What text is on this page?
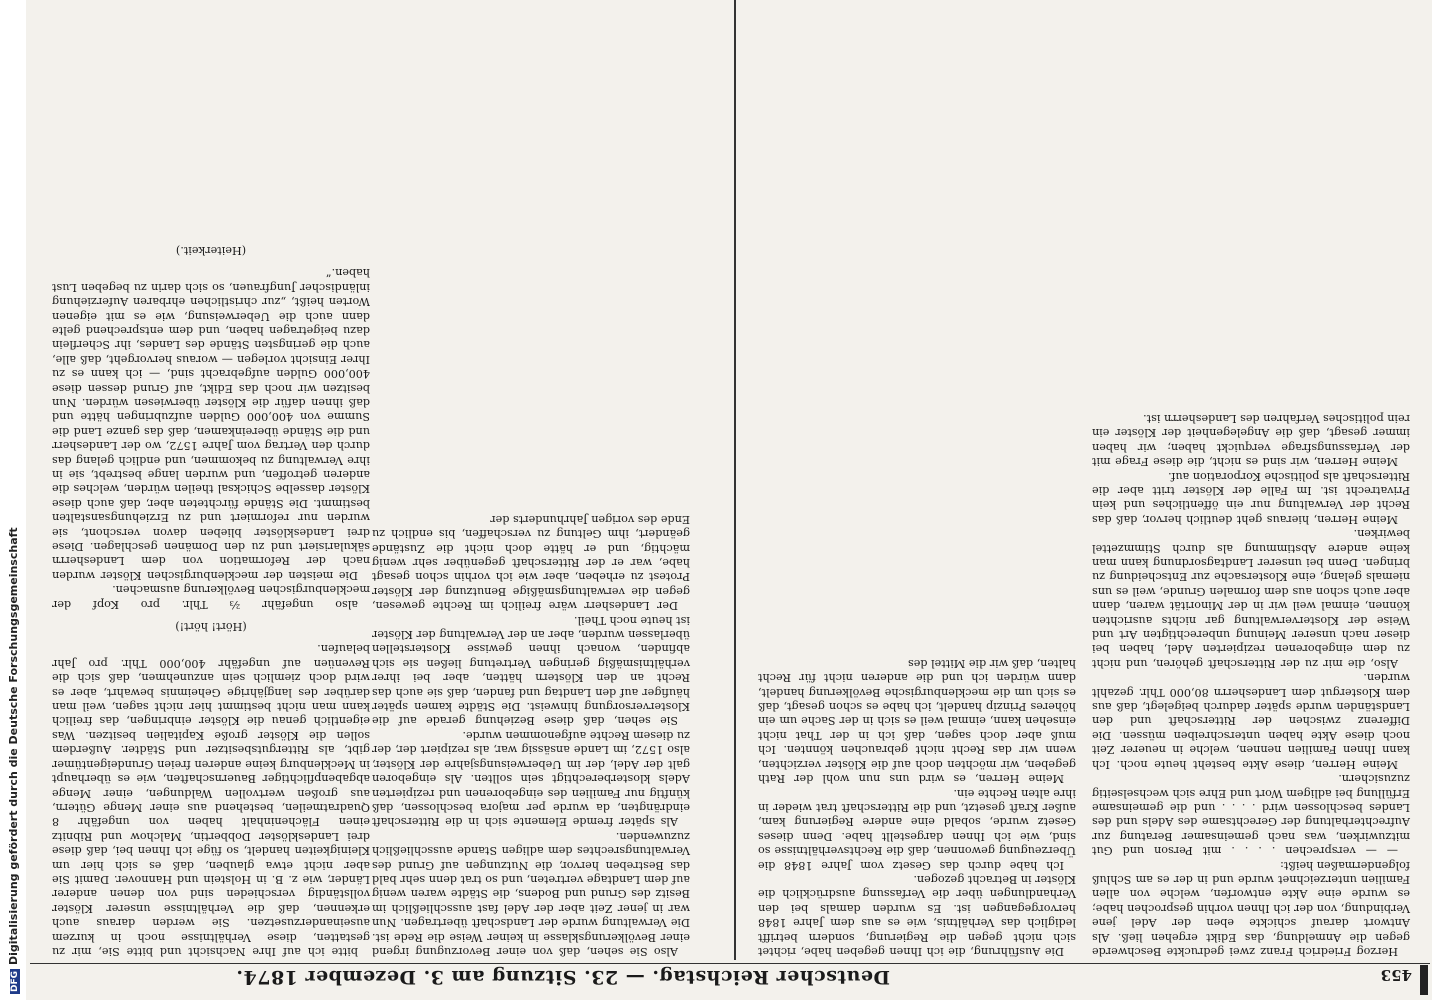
DFGDigitalisierung gefördert durch die Deutsche Forschungsgemeinschaft
453
Deutscher Reichstag. — 23. Sitzung am 3. Dezember 1874.

Herzog Friedrich Franz zwei gedruckte Beschwerde gegen die Anmeldung, das Edikt ergehen ließ. Als Antwort darauf schickte eben der Adel jene Verbindung, von der ich Ihnen vorhin gesprochen habe; es wurde eine Akte entworfen, welche von allen Familien unterzeichnet wurde und in der es am Schluß folgendermaßen heißt:

— — versprechen . . . . mit Person und Gut mitzuwirken, was nach gemeinsamer Beratung zur Aufrechterhaltung der Gerechtsame des Adels und des Landes beschlossen wird . . . . und die gemeinsame Erfüllung bei adligem Wort und Ehre sich wechselseitig zuzusichern.

Meine Herren, diese Akte besteht heute noch. Ich kann Ihnen Familien nennen, welche in neuerer Zeit noch diese Akte haben unterschreiben müssen. Die Differenz zwischen der Ritterschaft und den Landständen wurde später dadurch beigelegt, daß aus dem Klostergut dem Landesherrn 80,000 Thlr. gezahlt wurden.

Also, die mir zu der Ritterschaft gehören, und nicht zu dem eingeborenen rezipierten Adel, haben bei dieser nach unserer Meinung unberechtigten Art und Weise der Klosterverwaltung gar nichts ausrichten können, einmal weil wir in der Minorität waren, dann aber auch schon aus dem formalen Grunde, weil es uns niemals gelang, eine Klostersache zur Entscheidung zu bringen. Denn bei unserer Landtagsordnung kann man keine andere Abstimmung als durch Stimmzettel bewirken.

Meine Herren, hieraus geht deutlich hervor, daß das Recht der Verwaltung nur ein öffentliches und kein Privatrecht ist. Im Falle der Klöster tritt aber die Ritterschaft als politische Korporation auf.

Meine Herren, wir sind es nicht, die diese Frage mit der Verfassungsfrage verquickt haben; wir haben immer gesagt, daß die Angelegenheit der Klöster ein rein politisches Verfahren des Landesherrn ist.

Die Ausführung, die ich Ihnen gegeben habe, richtet sich nicht gegen die Regierung, sondern betrifft lediglich das Verhältnis, wie es aus dem Jahre 1848 hervorgegangen ist. Es wurden damals bei den Verhandlungen über die Verfassung ausdrücklich die Klöster in Betracht gezogen.

Ich habe durch das Gesetz vom Jahre 1848 die Überzeugung gewonnen, daß die Rechtsverhältnisse so sind, wie ich Ihnen dargestellt habe. Denn dieses Gesetz wurde, sobald eine andere Regierung kam, außer Kraft gesetzt, und die Ritterschaft trat wieder in ihre alten Rechte ein.

Meine Herren, es wird uns nun wohl der Rath gegeben, wir möchten doch auf die Klöster verzichten, wenn wir das Recht nicht gebrauchen könnten. Ich muß aber doch sagen, daß ich in der That nicht einsehen kann, einmal weil es sich in der Sache um ein höheres Prinzip handelt, ich habe es schon gesagt, daß es sich um die mecklenburgische Bevölkerung handelt, dann würden ich und die anderen nicht für Recht halten, daß wir die Mittel des

Also Sie sehen, daß von einer Bevorzugung irgend einer Bevölkerungsklasse in keiner Weise die Rede ist. Die Verwaltung wurde der Landschaft übertragen. Nun war in jener Zeit aber der Adel fast ausschließlich im Besitz des Grund und Bodens, die Städte waren wenig auf dem Landtage vertreten, und so trat denn sehr bald das Bestreben hervor, die Nutzungen auf Grund des Verwaltungsrechtes dem adligen Stande ausschließlich zuzuwenden.

Als später fremde Elemente sich in die Ritterschaft eindrängten, da wurde per majora beschlossen, daß künftig nur Familien des eingeborenen und rezipierten Adels klosterberechtigt sein sollten. Als eingeboren galt der Adel, der im Ueberweisungsjahre der Klöster, also 1572, im Lande ansässig war, als rezipiert der, der zu diesem Rechte aufgenommen wurde.

Sie sehen, daß diese Beziehung gerade auf die Klosterversorgung hinweist. Die Städte kamen später häufiger auf den Landtag und fanden, daß sie auch das Recht an den Klöstern hätten, aber bei ihrer verhältnismäßig geringen Vertretung ließen sie sich abfinden, wonach ihnen gewisse Klosterstellen überlassen wurden, aber an der Verwaltung der Klöster ist heute noch Theil.

Der Landesherr wäre freilich im Rechte gewesen, gegen die verwaltungsmäßige Benutzung der Klöster Protest zu erheben, aber wie ich vorhin schon gesagt habe, war er der Ritterschaft gegenüber sehr wenig mächtig, und er hätte doch nicht die Zustände geändert, ihm Geltung zu verschaffen, bis endlich zu Ende des vorigen Jahrhunderts der

bitte ich auf Ihre Nachsicht und bitte Sie, mir zu gestatten, diese Verhältnisse noch in kurzem auseinanderzusetzen. Sie werden daraus auch erkennen, daß die Verhältnisse unserer Klöster vollständig verschieden sind von denen anderer Länder, wie z. B. in Holstein und Hannover. Damit Sie aber nicht etwa glauben, daß es sich hier um Kleinigkeiten handelt, so füge ich Ihnen bei, daß diese drei Landesklöster Dobbertin, Malchow und Ribnitz einen Flächeninhalt haben von ungefähr 8 Quadratmeilen, bestehend aus einer Menge Gütern, aus großen wertvollen Waldungen, einer Menge abgabenpflichtiger Bauernschaften, wie es überhaupt in Mecklenburg keine anderen freien Grundeigentümer gibt, als Rittergutsbesitzer und Städter. Außerdem sollen die Klöster große Kapitalien besitzen. Was eigentlich genau die Klöster einbringen, das freilich kann man nicht bestimmt hier nicht sagen, weil man darüber des langjährige Geheimnis bewahrt, aber es wird doch ziemlich sein anzunehmen, daß sich die Revenüen auf ungefähr 400,000 Thlr. pro Jahr belaufen.

(Hört! hört!)

also ungefähr ²⁄₃ Thlr. pro Kopf der mecklenburgischen Bevölkerung ausmachen.

Die meisten der mecklenburgischen Klöster wurden nach der Reformation von dem Landesherrn säkularisiert und zu den Domänen geschlagen. Diese drei Landesklöster blieben davon verschont, sie wurden nur reformiert und zu Erziehungsanstalten bestimmt. Die Stände fürchteten aber, daß auch diese Klöster dasselbe Schicksal theilen würden, welches die anderen getroffen, und wurden lange bestrebt, sie in ihre Verwaltung zu bekommen, und endlich gelang das durch den Vertrag vom Jahre 1572, wo der Landesherr und die Stände übereinkamen, daß das ganze Land die Summe von 400,000 Gulden aufzubringen hätte und daß ihnen dafür die Klöster überwiesen würden. Nun besitzen wir noch das Edikt, auf Grund dessen diese 400,000 Gulden aufgebracht sind, — ich kann es zu Ihrer Einsicht vorlegen — woraus hervorgeht, daß alle, auch die geringsten Stände des Landes, ihr Scherflein dazu beigetragen haben, und dem entsprechend gelte dann auch die Ueberweisung, wie es mit eigenen Worten heißt, „zur christlichen ehrbaren Auferziehung inländischer Jungfrauen, so sich darin zu begeben Lust haben.“

(Heiterkeit.)
